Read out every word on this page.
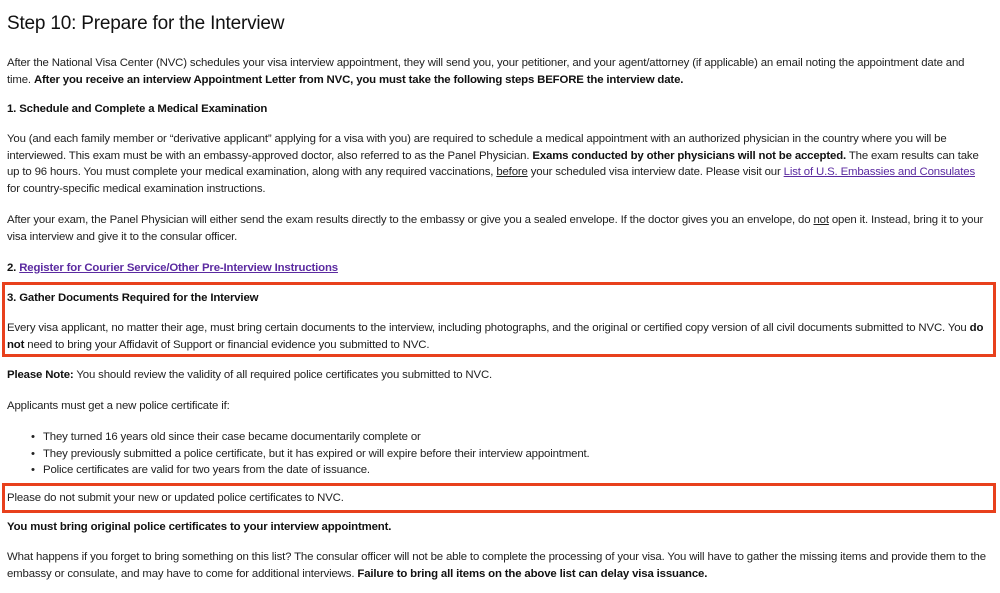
Step 10: Prepare for the Interview

After the National Visa Center (NVC) schedules your visa interview appointment, they will send you, your petitioner, and your agent/attorney (if applicable) an email noting the appointment date and time. After you receive an interview Appointment Letter from NVC, you must take the following steps BEFORE the interview date.

1. Schedule and Complete a Medical Examination

You (and each family member or “derivative applicant” applying for a visa with you) are required to schedule a medical appointment with an authorized physician in the country where you will be interviewed. This exam must be with an embassy-approved doctor, also referred to as the Panel Physician. Exams conducted by other physicians will not be accepted. The exam results can take up to 96 hours. You must complete your medical examination, along with any required vaccinations, before your scheduled visa interview date. Please visit our List of U.S. Embassies and Consulates for country-specific medical examination instructions.

After your exam, the Panel Physician will either send the exam results directly to the embassy or give you a sealed envelope. If the doctor gives you an envelope, do not open it. Instead, bring it to your visa interview and give it to the consular officer.

2. Register for Courier Service/Other Pre-Interview Instructions

3. Gather Documents Required for the Interview

Every visa applicant, no matter their age, must bring certain documents to the interview, including photographs, and the original or certified copy version of all civil documents submitted to NVC. You do not need to bring your Affidavit of Support or financial evidence you submitted to NVC.

Please Note: You should review the validity of all required police certificates you submitted to NVC.

Applicants must get a new police certificate if:

• They turned 16 years old since their case became documentarily complete or
• They previously submitted a police certificate, but it has expired or will expire before their interview appointment.
• Police certificates are valid for two years from the date of issuance.

Please do not submit your new or updated police certificates to NVC.

You must bring original police certificates to your interview appointment.

What happens if you forget to bring something on this list? The consular officer will not be able to complete the processing of your visa. You will have to gather the missing items and provide them to the embassy or consulate, and may have to come for additional interviews. Failure to bring all items on the above list can delay visa issuance.
